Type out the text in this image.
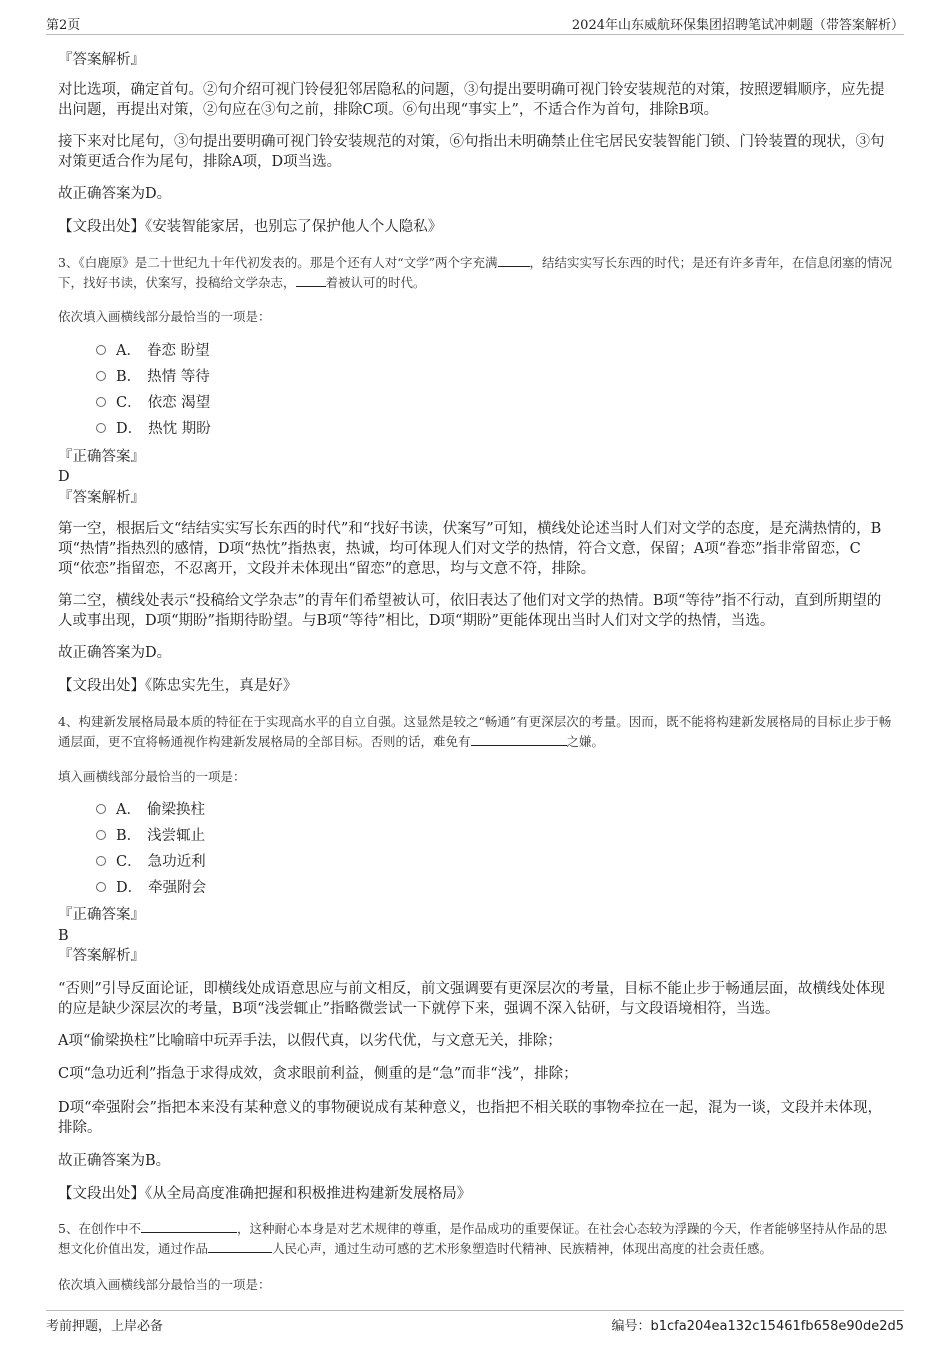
第2页	2024年山东威航环保集团招聘笔试冲刺题（带答案解析）
『答案解析』
对比选项，确定首句。②句介绍可视门铃侵犯邻居隐私的问题，③句提出要明确可视门铃安装规范的对策，按照逻辑顺序，应先提出问题，再提出对策，②句应在③句之前，排除C项。⑥句出现“事实上”，不适合作为首句，排除B项。
接下来对比尾句，③句提出要明确可视门铃安装规范的对策，⑥句指出未明确禁止住宅居民安装智能门锁、门铃装置的现状，③句对策更适合作为尾句，排除A项，D项当选。
故正确答案为D。
【文段出处】《安装智能家居，也别忘了保护他人个人隐私》
3、《白鹿原》是二十世纪九十年代初发表的。那是个还有人对“文学”两个字充满	，结结实实写长东西的时代；是还有许多青年，在信息闭塞的情况下，找好书读，伏案写，投稿给文学杂志， 着被认可的时代。
依次填入画横线部分最恰当的一项是：
A． 眷恋 盼望
B． 热情 等待
C． 依恋 渴望
D． 热忱 期盼
『正确答案』
D
『答案解析』
第一空，根据后文“结结实实写长东西的时代”和“找好书读，伏案写”可知，横线处论述当时人们对文学的态度，是充满热情的，B项“热情”指热烈的感情，D项“热忱”指热衷，热诚，均可体现人们对文学的热情，符合文意，保留；A项“眷恋”指非常留恋，C项“依恋”指留恋，不忍离开，文段并未体现出“留恋”的意思，均与文意不符，排除。
第二空，横线处表示“投稿给文学杂志”的青年们希望被认可，依旧表达了他们对文学的热情。B项“等待”指不行动，直到所期望的人或事出现，D项“期盼”指期待盼望。与B项“等待”相比，D项“期盼”更能体现出当时人们对文学的热情，当选。
故正确答案为D。
【文段出处】《陈忠实先生，真是好》
4、构建新发展格局最本质的特征在于实现高水平的自立自强。这显然是较之“畅通”有更深层次的考量。因而，既不能将构建新发展格局的目标止步于畅通层面，更不宜将畅通视作构建新发展格局的全部目标。否则的话，难免有	之嫌。
填入画横线部分最恰当的一项是：
A． 偷梁换柱
B． 浅尝辄止
C． 急功近利
D． 牵强附会
『正确答案』
B
『答案解析』
“否则”引导反面论证，即横线处成语意思应与前文相反，前文强调要有更深层次的考量，目标不能止步于畅通层面，故横线处体现的应是缺少深层次的考量，B项“浅尝辄止”指略微尝试一下就停下来，强调不深入钻研，与文段语境相符，当选。
A项“偷梁换柱”比喻暗中玩弄手法，以假代真，以劣代优，与文意无关，排除；
C项“急功近利”指急于求得成效，贪求眼前利益，侧重的是“急”而非“浅”，排除；
D项“牵强附会”指把本来没有某种意义的事物硬说成有某种意义，也指把不相关联的事物牵拉在一起，混为一谈，文段并未体现，排除。
故正确答案为B。
【文段出处】《从全局高度准确把握和积极推进构建新发展格局》
5、在创作中不	，这种耐心本身是对艺术规律的尊重，是作品成功的重要保证。在社会心态较为浮躁的今天，作者能够坚持从作品的思想文化价值出发，通过作品	人民心声，通过生动可感的艺术形象塑造时代精神、民族精神，体现出高度的社会责任感。
依次填入画横线部分最恰当的一项是：
考前押题，上岸必备	编号：b1cfa204ea132c15461fb658e90de2d5
